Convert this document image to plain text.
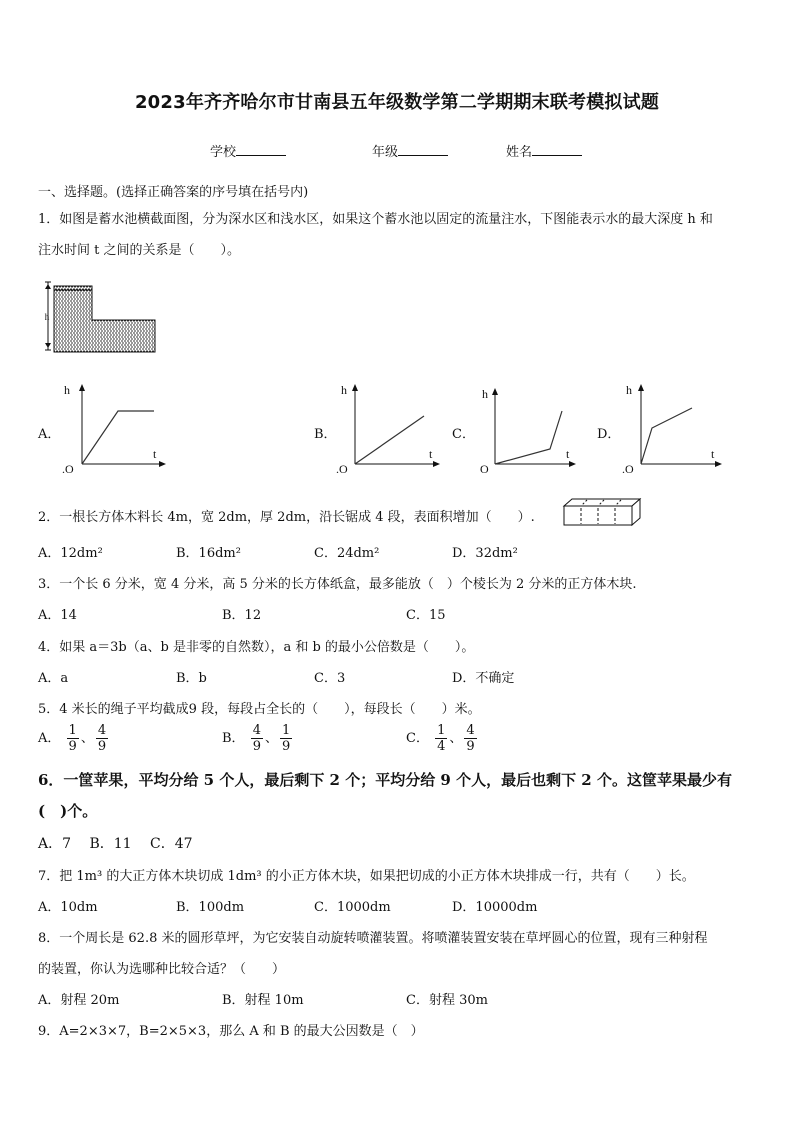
2023年齐齐哈尔市甘南县五年级数学第二学期期末联考模拟试题
学校	年级	姓名
一、选择题。(选择正确答案的序号填在括号内)
1．如图是蓄水池横截面图，分为深水区和浅水区，如果这个蓄水池以固定的流量注水，下图能表示水的最大深度 h 和
注水时间 t 之间的关系是（　　）。
h
A．
h
t
.O
B．
h
t
.O
C．
h
t
O
D．
h
t
.O
2．一根长方体木料长 4m，宽 2dm，厚 2dm，沿长锯成 4 段，表面积增加（　　）.
A．12dm²	B．16dm²	C．24dm²	D．32dm²
3．一个长 6 分米，宽 4 分米，高 5 分米的长方体纸盒，最多能放（　）个棱长为 2 分米的正方体木块.
A．14	B．12	C．15
4．如果 a＝3b（a、b 是非零的自然数），a 和 b 的最小公倍数是（　　）。
A．a	B．b	C．3	D．不确定
5．4 米长的绳子平均截成9 段，每段占全长的（　　），每段长（　　）米。
A． $\frac{1}{9}$ 、 $\frac{4}{9}$	B． $\frac{4}{9}$ 、 $\frac{1}{9}$	C． $\frac{1}{4}$ 、 $\frac{4}{9}$
6．一筐苹果，平均分给 5 个人，最后剩下 2 个；平均分给 9 个人，最后也剩下 2 个。这筐苹果最少有
(　)个。
A．7　 B．11　 C．47
7．把 1m³ 的大正方体木块切成 1dm³ 的小正方体木块，如果把切成的小正方体木块排成一行，共有（　　）长。
A．10dm	B．100dm	C．1000dm	D．10000dm
8．一个周长是 62.8 米的圆形草坪，为它安装自动旋转喷灌装置。将喷灌装置安装在草坪圆心的位置，现有三种射程
的装置，你认为选哪种比较合适？（　　）
A．射程 20m	B．射程 10m	C．射程 30m
9．A=2×3×7，B=2×5×3，那么 A 和 B 的最大公因数是（　）
